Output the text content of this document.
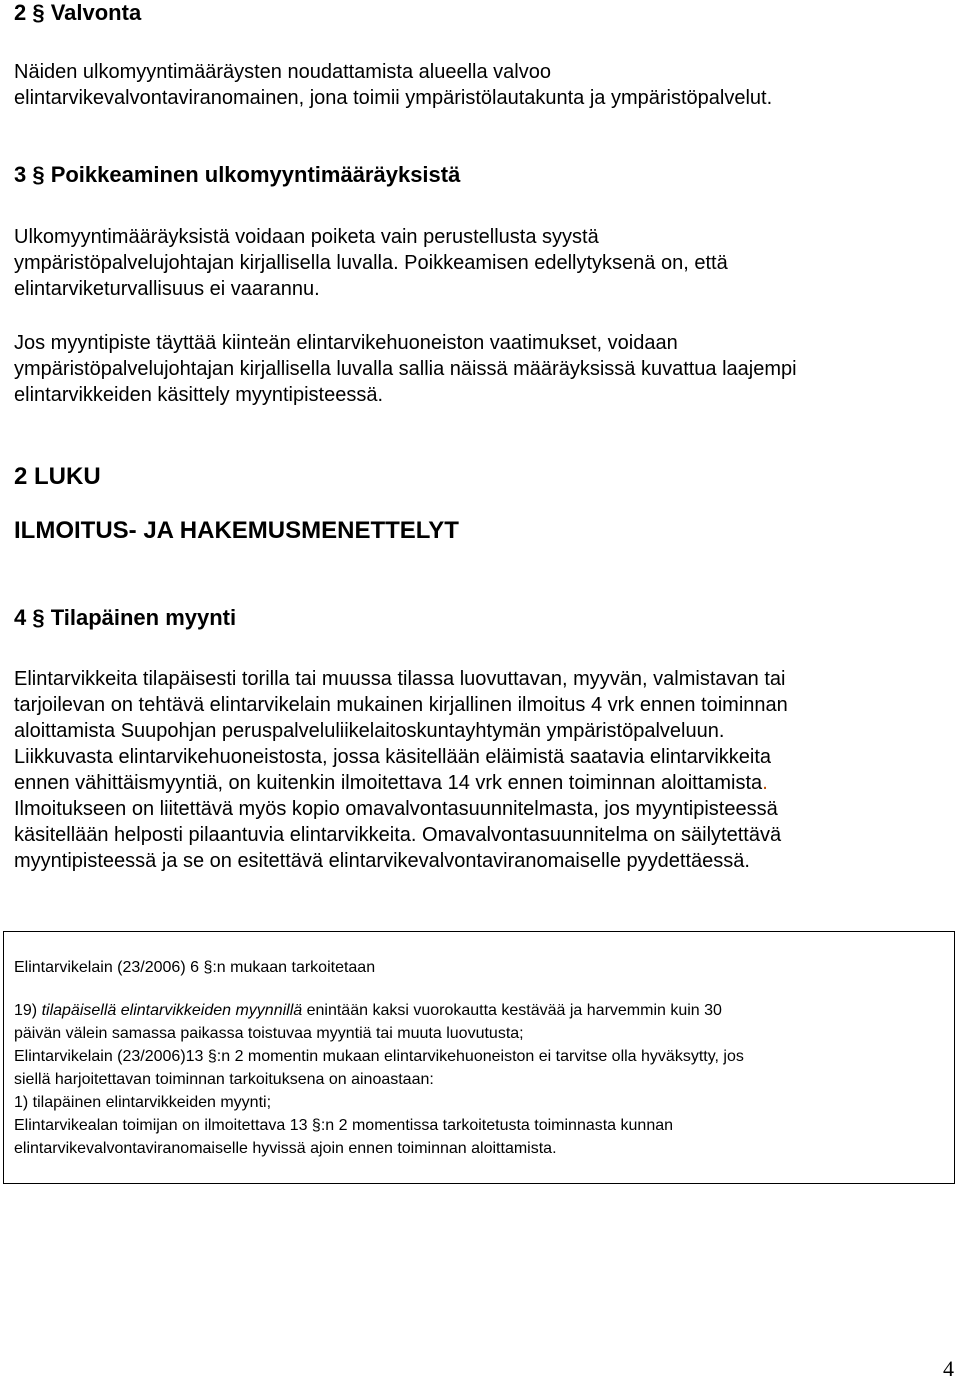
2 § Valvonta

Näiden ulkomyyntimääräysten noudattamista alueella valvoo

elintarvikevalvontaviranomainen, jona toimii ympäristölautakunta ja ympäristöpalvelut.

3 § Poikkeaminen ulkomyyntimääräyksistä

Ulkomyyntimääräyksistä voidaan poiketa vain perustellusta syystä

ympäristöpalvelujohtajan kirjallisella luvalla. Poikkeamisen edellytyksenä on, että

elintarviketurvallisuus ei vaarannu.

Jos myyntipiste täyttää kiinteän elintarvikehuoneiston vaatimukset, voidaan

ympäristöpalvelujohtajan kirjallisella luvalla sallia näissä määräyksissä kuvattua laajempi

elintarvikkeiden käsittely myyntipisteessä.

2 LUKU
ILMOITUS- JA HAKEMUSMENETTELYT
4 § Tilapäinen myynti

Elintarvikkeita tilapäisesti torilla tai muussa tilassa luovuttavan, myyvän, valmistavan tai

tarjoilevan on tehtävä elintarvikelain mukainen kirjallinen ilmoitus 4 vrk ennen toiminnan

aloittamista Suupohjan peruspalveluliikelaitoskuntayhtymän ympäristöpalveluun.

Liikkuvasta elintarvikehuoneistosta, jossa käsitellään eläimistä saatavia elintarvikkeita

ennen vähittäismyyntiä, on kuitenkin ilmoitettava 14 vrk ennen toiminnan aloittamista.

Ilmoitukseen on liitettävä myös kopio omavalvontasuunnitelmasta, jos myyntipisteessä

käsitellään helposti pilaantuvia elintarvikkeita. Omavalvontasuunnitelma on säilytettävä

myyntipisteessä ja se on esitettävä elintarvikevalvontaviranomaiselle pyydettäessä.

Elintarvikelain (23/2006) 6 §:n mukaan tarkoitetaan

19) tilapäisellä elintarvikkeiden myynnillä enintään kaksi vuorokautta kestävää ja harvemmin kuin 30

päivän välein samassa paikassa toistuvaa myyntiä tai muuta luovutusta;

Elintarvikelain (23/2006)13 §:n 2 momentin mukaan elintarvikehuoneiston ei tarvitse olla hyväksytty, jos

siellä harjoitettavan toiminnan tarkoituksena on ainoastaan:

1) tilapäinen elintarvikkeiden myynti;

Elintarvikealan toimijan on ilmoitettava 13 §:n 2 momentissa tarkoitetusta toiminnasta kunnan

elintarvikevalvontaviranomaiselle hyvissä ajoin ennen toiminnan aloittamista.

4
